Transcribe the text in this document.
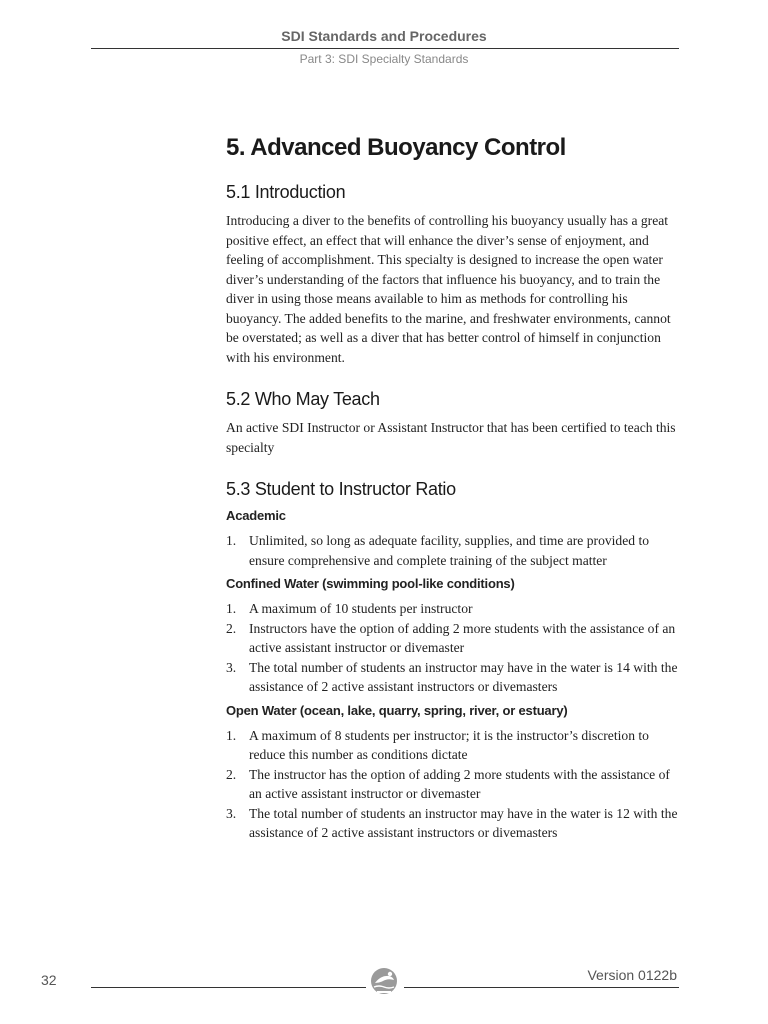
SDI Standards and Procedures
Part 3: SDI Specialty Standards
5. Advanced Buoyancy Control
5.1 Introduction

Introducing a diver to the benefits of controlling his buoyancy usually has a great positive effect, an effect that will enhance the diver’s sense of enjoyment, and feeling of accomplishment. This specialty is designed to increase the open water diver’s understanding of the factors that influence his buoyancy, and to train the diver in using those means available to him as methods for controlling his buoyancy. The added benefits to the marine, and freshwater environments, cannot be overstated; as well as a diver that has better control of himself in conjunction with his environment.

5.2 Who May Teach

An active SDI Instructor or Assistant Instructor that has been certified to teach this specialty

5.3 Student to Instructor Ratio
Academic
1. Unlimited, so long as adequate facility, supplies, and time are provided to ensure comprehensive and complete training of the subject matter
Confined Water (swimming pool-like conditions)
1. A maximum of 10 students per instructor
2. Instructors have the option of adding 2 more students with the assistance of an active assistant instructor or divemaster
3. The total number of students an instructor may have in the water is 14 with the assistance of 2 active assistant instructors or divemasters
Open Water (ocean, lake, quarry, spring, river, or estuary)
1. A maximum of 8 students per instructor; it is the instructor’s discretion to reduce this number as conditions dictate
2. The instructor has the option of adding 2 more students with the assistance of an active assistant instructor or divemaster
3. The total number of students an instructor may have in the water is 12 with the assistance of 2 active assistant instructors or divemasters
32	Version 0122b
